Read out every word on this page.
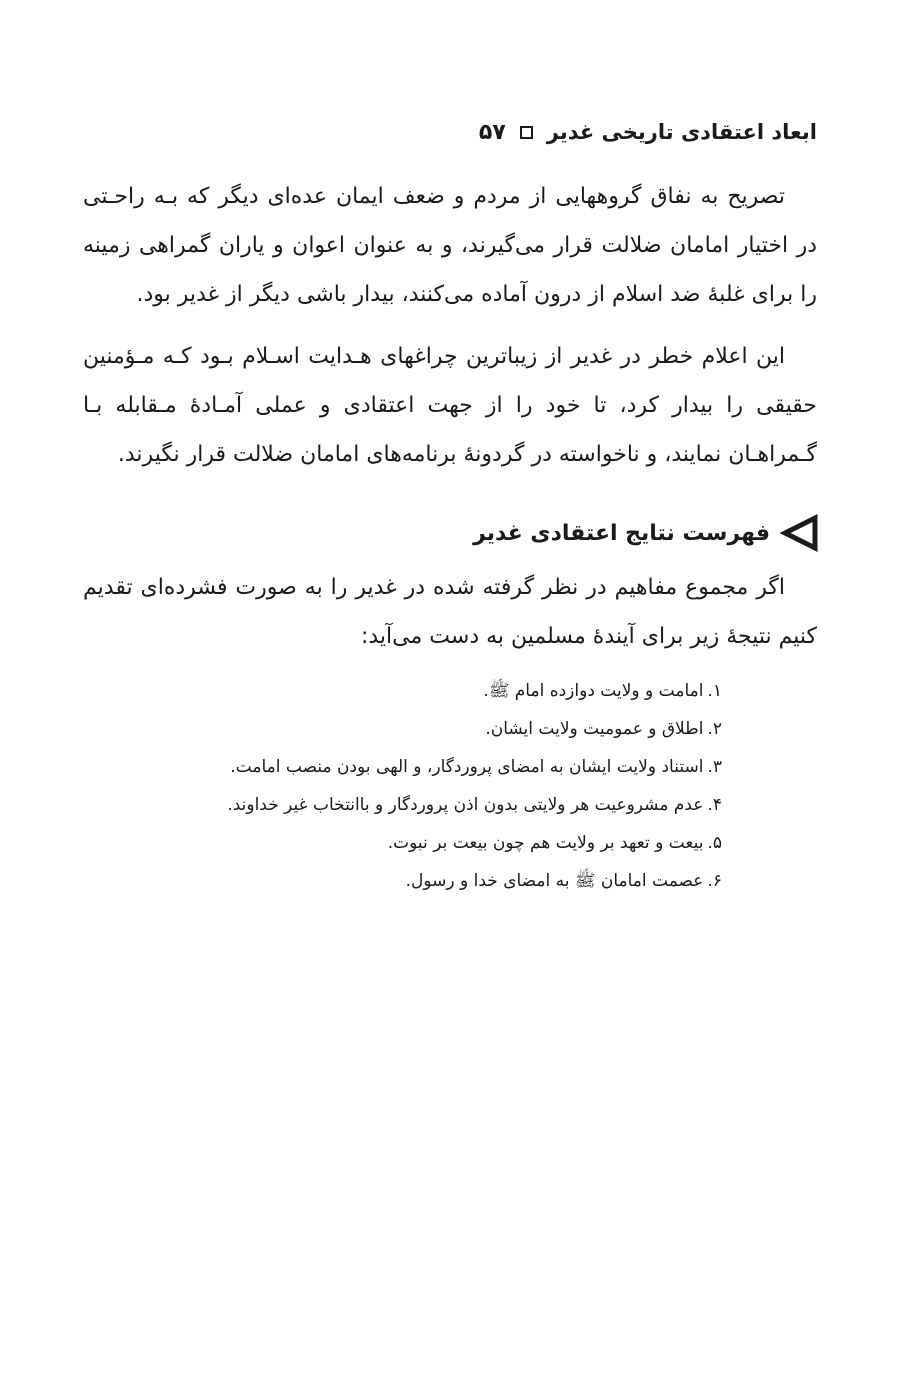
ابعاد اعتقادی تاریخی غدیر
۵۷

تصریح به نفاق گروههایی از مردم و ضعف ایمان عده‌ای دیگر که بـه راحـتی در اختیار امامان ضلالت قرار می‌گیرند، و به عنوان اعوان و یاران گمراهی زمینه را برای غلبهٔ ضد اسلام از درون آماده می‌کنند، بیدار باشی دیگر از غدیر بود.

این اعلام خطر در غدیر از زیباترین چراغهای هـدایت اسـلام بـود کـه مـؤمنین حقیقی را بیدار کرد، تا خود را از جهت اعتقادی و عملی آمـادهٔ مـقابله بـا گـمراهـان نمایند، و ناخواسته در گردونهٔ برنامه‌های امامان ضلالت قرار نگیرند.

فهرست نتایج اعتقادی غدیر

اگر مجموع مفاهیم در نظر گرفته شده در غدیر را به صورت فشرده‌ای تقدیم کنیم نتیجهٔ زیر برای آیندهٔ مسلمین به دست می‌آید:

۱.امامت و ولایت دوازده امام ﷺ.
۲.اطلاق و عمومیت ولایت ایشان.
۳.استناد ولایت ایشان به امضای پروردگار، و الهی بودن منصب امامت.
۴.عدم مشروعیت هر ولایتی بدون اذن پروردگار و باانتخاب غیر خداوند.
۵.بیعت و تعهد بر ولایت هم چون بیعت بر نبوت.
۶.عصمت امامان ﷺ به امضای خدا و رسول.
